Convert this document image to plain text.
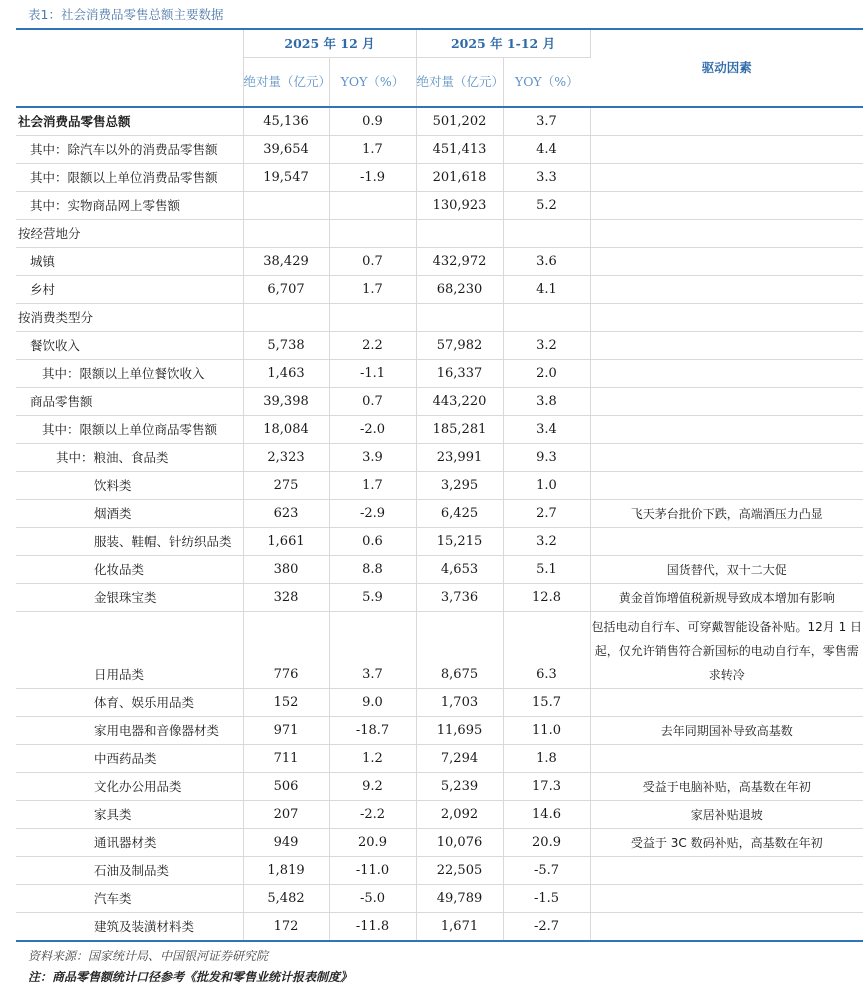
表1：社会消费品零售总额主要数据
	2025 年 12 月		2025 年 1-12 月		驱动因素
	绝对量（亿元）	YOY（%）	绝对量（亿元）	YOY（%）	
社会消费品零售总额	45,136	0.9	501,202	3.7	
其中：除汽车以外的消费品零售额	39,654	1.7	451,413	4.4	
其中：限额以上单位消费品零售额	19,547	-1.9	201,618	3.3	
其中：实物商品网上零售额			130,923	5.2	
按经营地分					
城镇	38,429	0.7	432,972	3.6	
乡村	6,707	1.7	68,230	4.1	
按消费类型分					
餐饮收入	5,738	2.2	57,982	3.2	
其中：限额以上单位餐饮收入	1,463	-1.1	16,337	2.0	
商品零售额	39,398	0.7	443,220	3.8	
其中：限额以上单位商品零售额	18,084	-2.0	185,281	3.4	
其中：粮油、食品类	2,323	3.9	23,991	9.3	
饮料类	275	1.7	3,295	1.0	
烟酒类	623	-2.9	6,425	2.7	飞天茅台批价下跌，高端酒压力凸显
服装、鞋帽、针纺织品类	1,661	0.6	15,215	3.2	
化妆品类	380	8.8	4,653	5.1	国货替代，双十二大促
金银珠宝类	328	5.9	3,736	12.8	黄金首饰增值税新规导致成本增加有影响
日用品类	776	3.7	8,675	6.3	包括电动自行车、可穿戴智能设备补贴。12月 1 日起，仅允许销售符合新国标的电动自行车，零售需求转冷
体育、娱乐用品类	152	9.0	1,703	15.7	
家用电器和音像器材类	971	-18.7	11,695	11.0	去年同期国补导致高基数
中西药品类	711	1.2	7,294	1.8	
文化办公用品类	506	9.2	5,239	17.3	受益于电脑补贴，高基数在年初
家具类	207	-2.2	2,092	14.6	家居补贴退坡
通讯器材类	949	20.9	10,076	20.9	受益于 3C 数码补贴，高基数在年初
石油及制品类	1,819	-11.0	22,505	-5.7	
汽车类	5,482	-5.0	49,789	-1.5	
建筑及装潢材料类	172	-11.8	1,671	-2.7	
资料来源：国家统计局、中国银河证券研究院
注：商品零售额统计口径参考《批发和零售业统计报表制度》
